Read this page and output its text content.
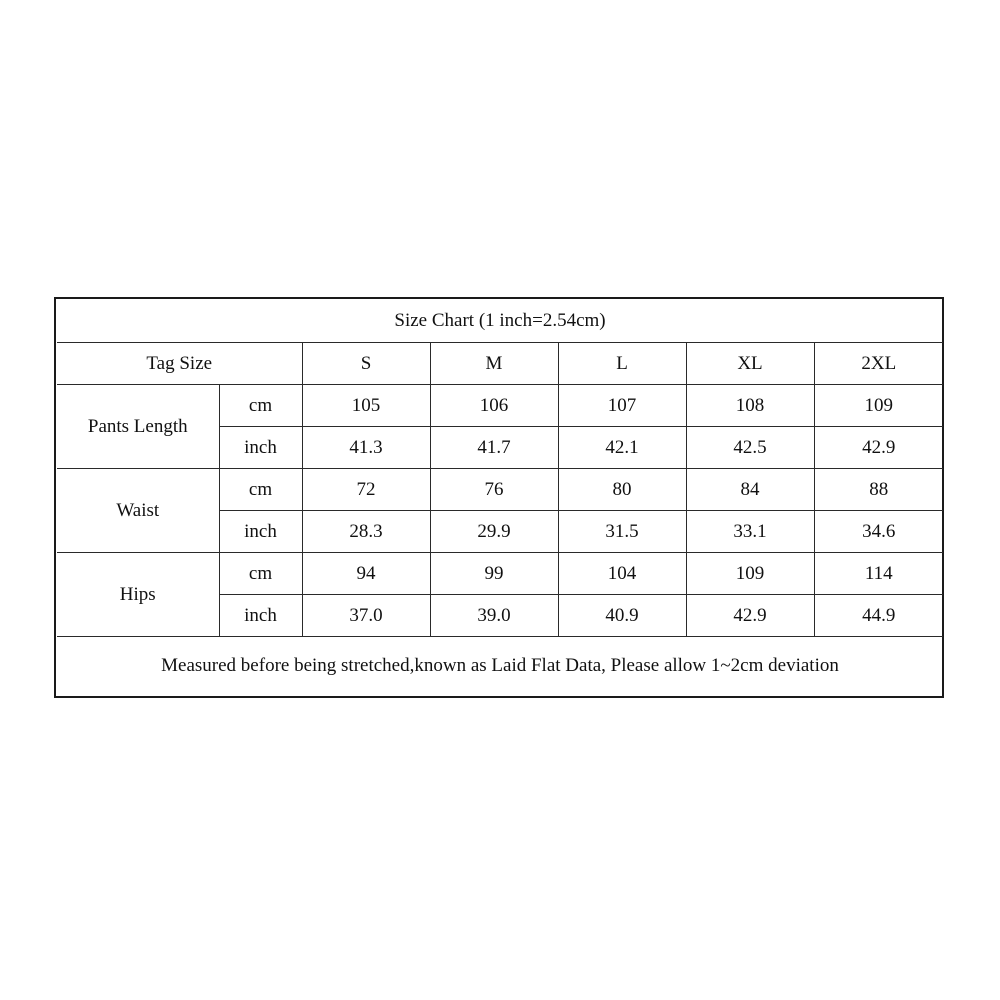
Size Chart (1 inch=2.54cm)						
Tag Size		S	M	L	XL	2XL
Pants Length	cm	105	106	107	108	109
	inch	41.3	41.7	42.1	42.5	42.9
Waist	cm	72	76	80	84	88
	inch	28.3	29.9	31.5	33.1	34.6
Hips	cm	94	99	104	109	114
	inch	37.0	39.0	40.9	42.9	44.9
Measured before being stretched,known as Laid Flat Data, Please allow 1~2cm deviation						
